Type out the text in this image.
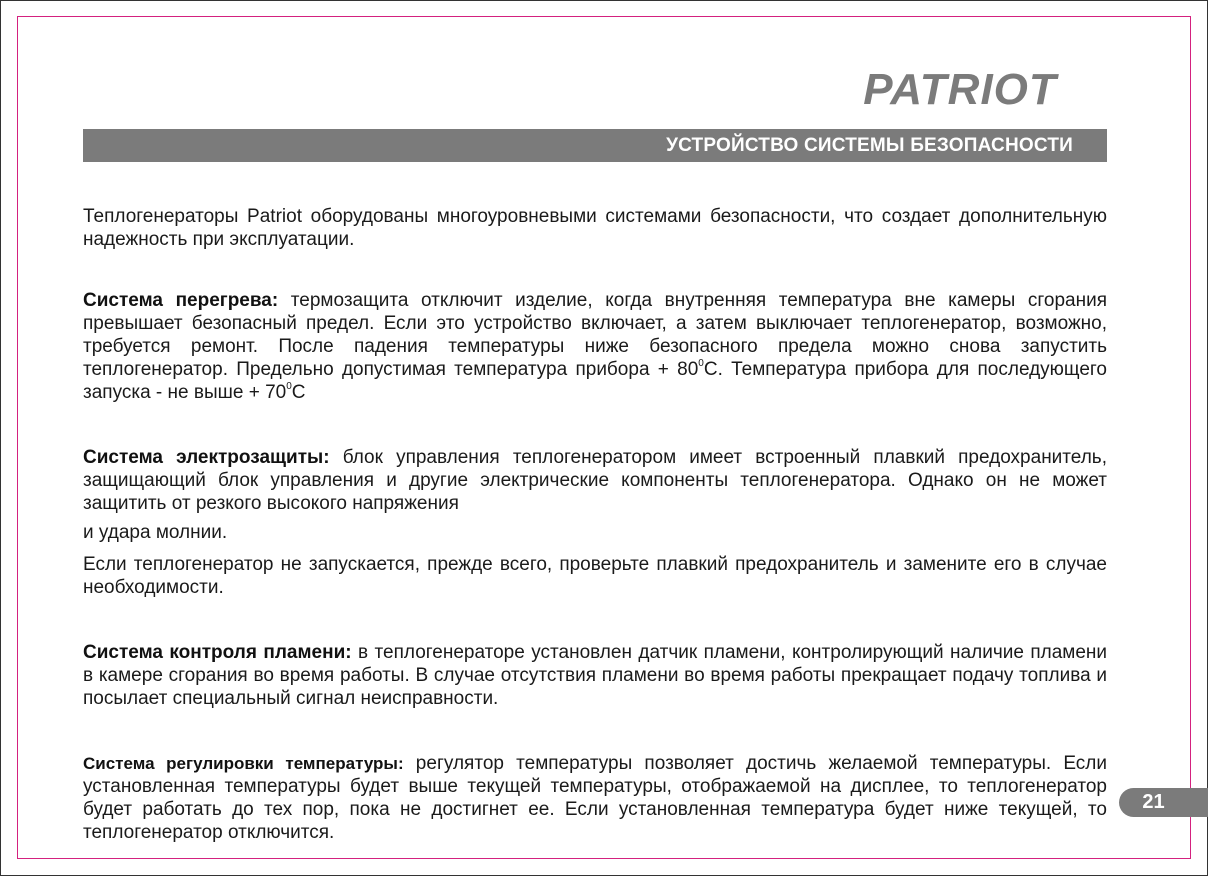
PATRIOT
УСТРОЙСТВО СИСТЕМЫ БЕЗОПАСНОСТИ

Теплогенераторы Patriot оборудованы многоуровневыми системами безопасности, что создает дополнительную надежность при эксплуатации.

Система перегрева: термозащита отключит изделие, когда внутренняя температура вне камеры сгорания превышает безопасный предел. Если это устройство включает, а затем выключает теплогенератор, возможно, требуется ремонт. После падения температуры ниже безопасного предела можно снова запустить теплогенератор. Предельно допустимая температура прибора + $80^0С$. Температура прибора для последующего запуска - не выше + $70^0С$

Система электрозащиты: блок управления теплогенератором имеет встроенный плавкий предохранитель, защищающий блок управления и другие электрические компоненты теплогенератора. Однако он не может защитить от резкого высокого напряжения

и удара молнии.

Если теплогенератор не запускается, прежде всего, проверьте плавкий предохранитель и замените его в случае необходимости.

Система контроля пламени: в теплогенераторе установлен датчик пламени, контролирующий наличие пламени в камере сгорания во время работы. В случае отсутствия пламени во время работы прекращает подачу топлива и посылает специальный сигнал неисправности.

Система регулировки температуры: регулятор температуры позволяет достичь желаемой температуры. Если установленная температуры будет выше текущей температуры, отображаемой на дисплее, то теплогенератор будет работать до тех пор, пока не достигнет ее. Если установленная температура будет ниже текущей, то теплогенератор отключится.

21
